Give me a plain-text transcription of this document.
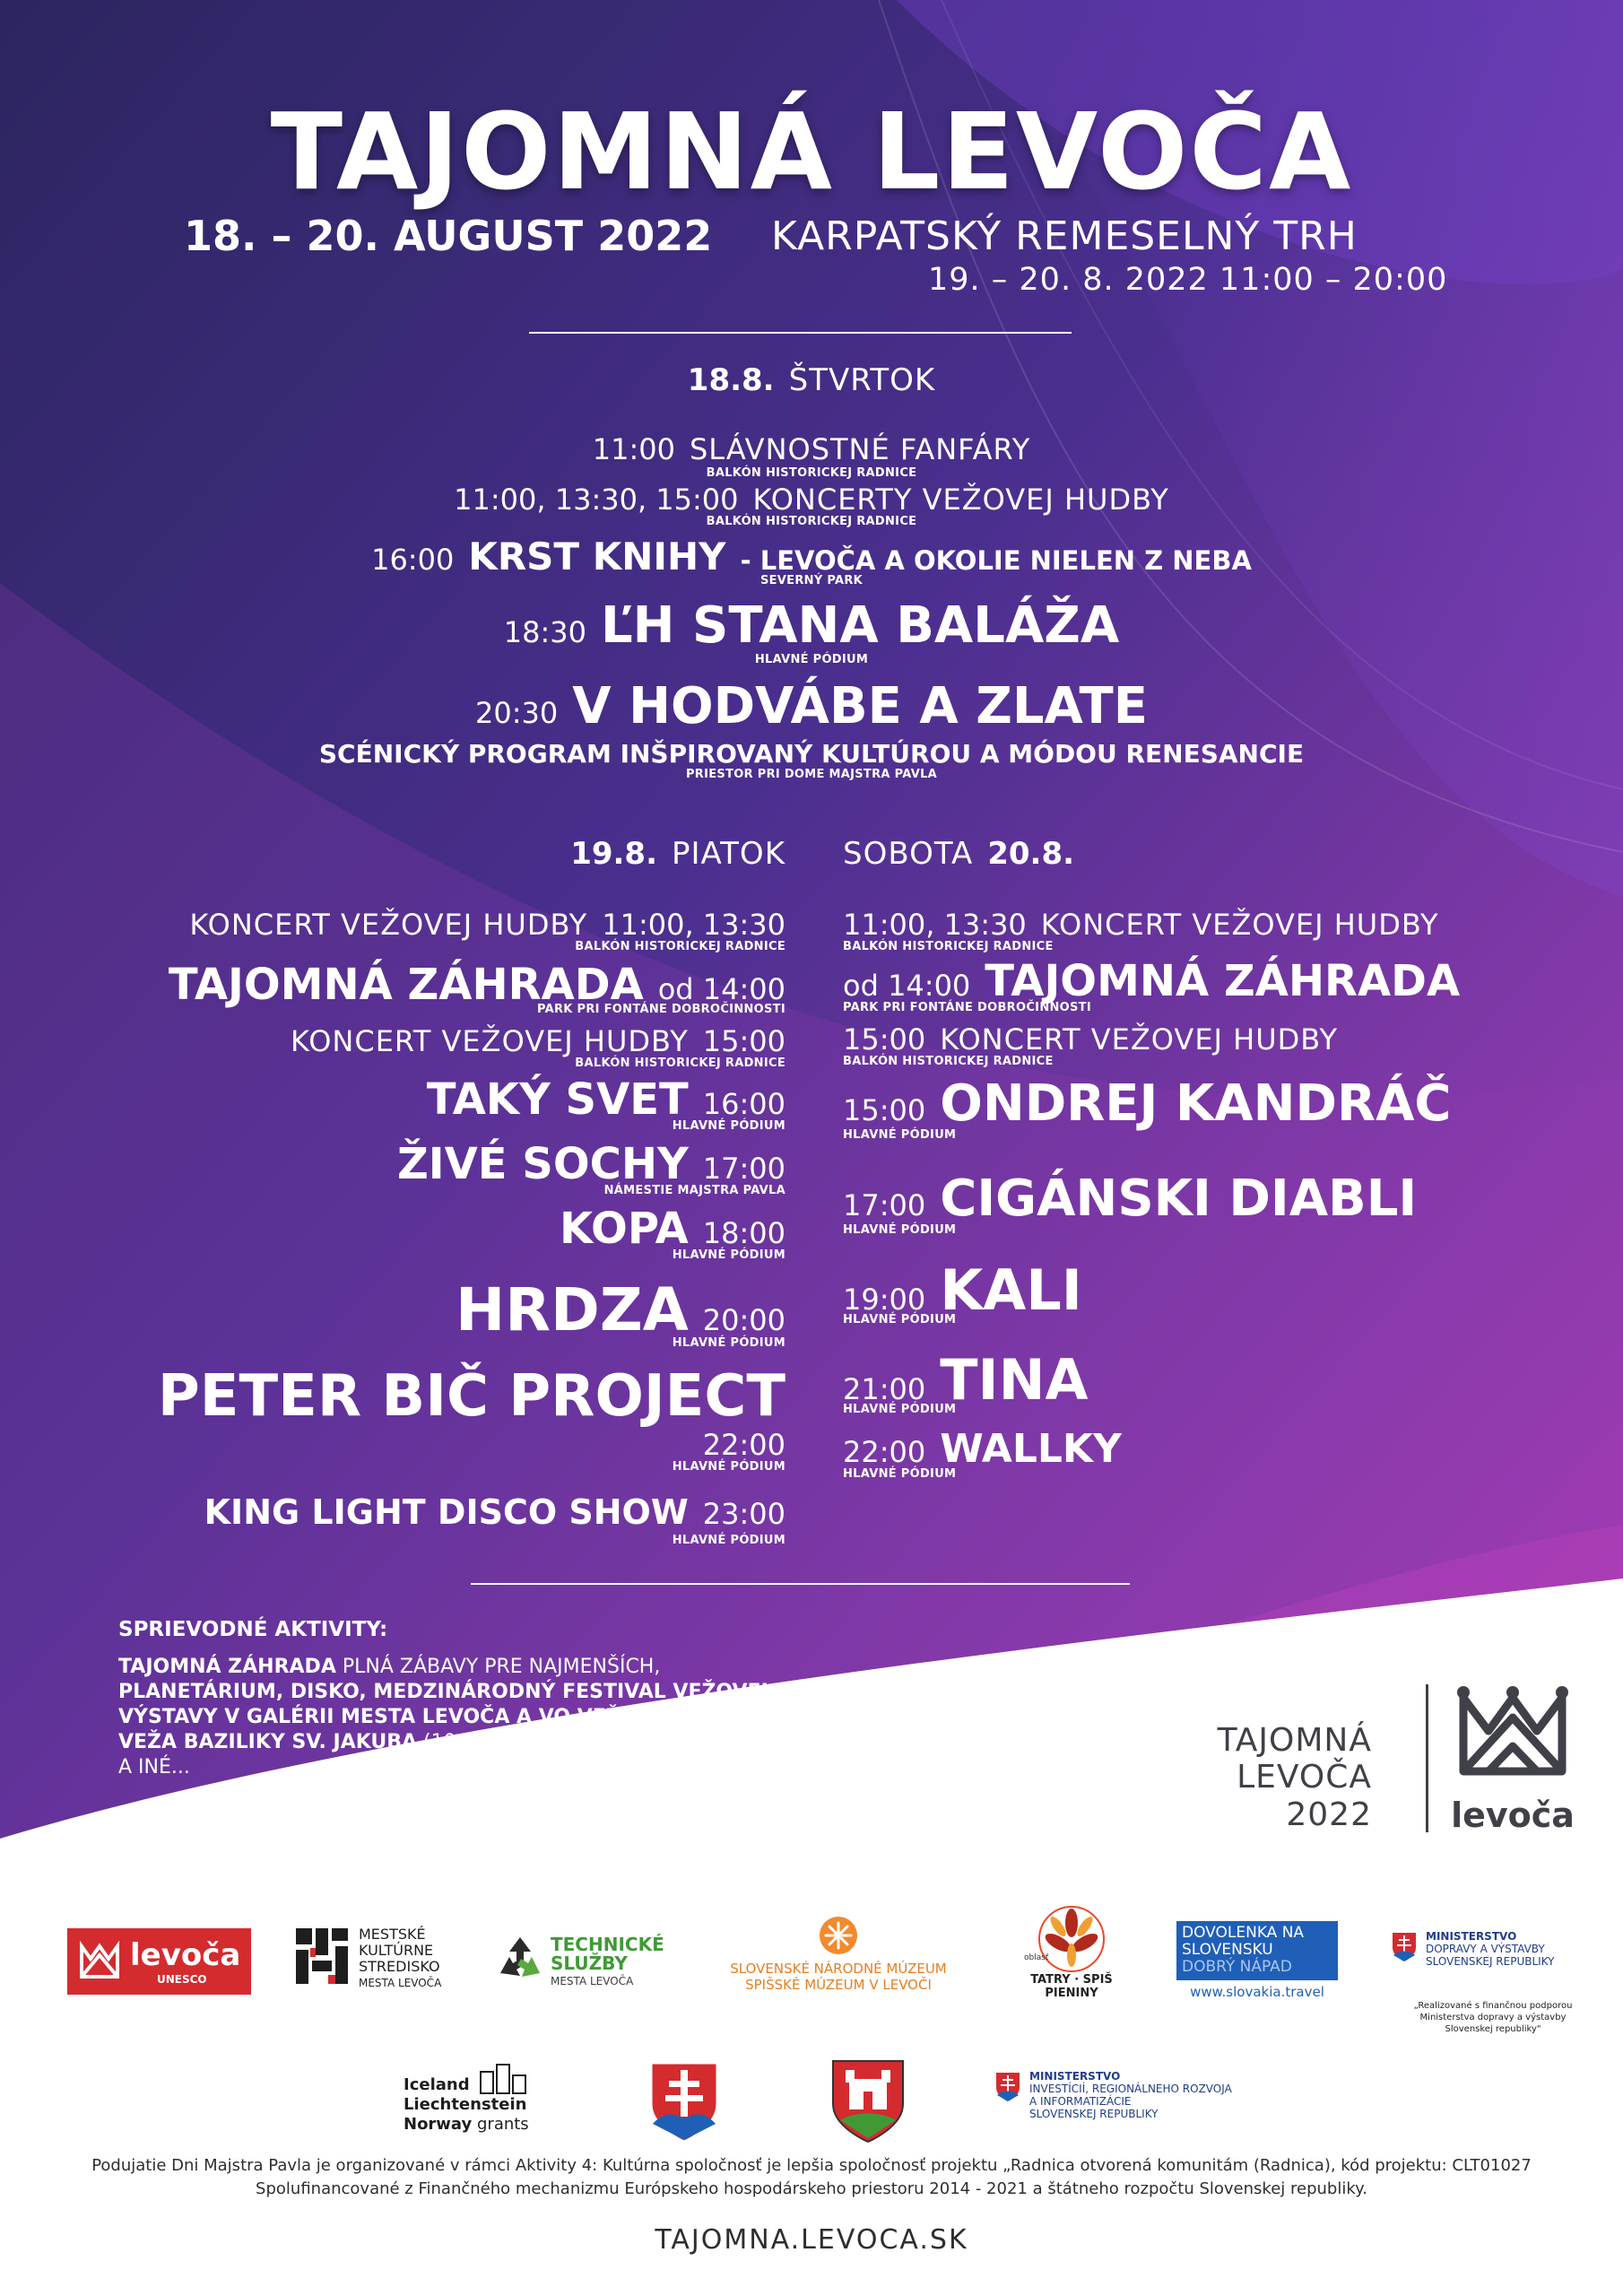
TAJOMNÁ LEVOČA
18. – 20. AUGUST 2022 KARPATSKÝ REMESELNÝ TRH
19. – 20. 8. 2022 11:00 – 20:00
18.8. ŠTVRTOK
11:00 SLÁVNOSTNÉ FANFÁRY
BALKÓN HISTORICKEJ RADNICE
11:00, 13:30, 15:00 KONCERTY VEŽOVEJ HUDBY
BALKÓN HISTORICKEJ RADNICE
16:00 KRST KNIHY - LEVOČA A OKOLIE NIELEN Z NEBA
SEVERNÝ PARK
18:30 ĽH STANA BALÁŽA
HLAVNÉ PÓDIUM
20:30 V HODVÁBE A ZLATE
SCÉNICKÝ PROGRAM INŠPIROVANÝ KULTÚROU A MÓDOU RENESANCIE
PRIESTOR PRI DOME MAJSTRA PAVLA
19.8. PIATOK SOBOTA 20.8.
KONCERT VEŽOVEJ HUDBY 11:00, 13:30
BALKÓN HISTORICKEJ RADNICE
TAJOMNÁ ZÁHRADA od 14:00
PARK PRI FONTÁNE DOBROČINNOSTI
KONCERT VEŽOVEJ HUDBY 15:00
BALKÓN HISTORICKEJ RADNICE
TAKÝ SVET 16:00
HLAVNÉ PÓDIUM
ŽIVÉ SOCHY 17:00
NÁMESTIE MAJSTRA PAVLA
KOPA 18:00
HLAVNÉ PÓDIUM
HRDZA 20:00
HLAVNÉ PÓDIUM
PETER BIČ PROJECT
22:00
HLAVNÉ PÓDIUM
KING LIGHT DISCO SHOW 23:00
HLAVNÉ PÓDIUM
11:00, 13:30 KONCERT VEŽOVEJ HUDBY
BALKÓN HISTORICKEJ RADNICE
od 14:00 TAJOMNÁ ZÁHRADA
PARK PRI FONTÁNE DOBROČINNOSTI
15:00 KONCERT VEŽOVEJ HUDBY
BALKÓN HISTORICKEJ RADNICE
15:00 ONDREJ KANDRÁČ
HLAVNÉ PÓDIUM
17:00 CIGÁNSKI DIABLI
HLAVNÉ PÓDIUM
19:00 KALI
HLAVNÉ PÓDIUM
21:00 TINA
HLAVNÉ PÓDIUM
22:00 WALLKY
HLAVNÉ PÓDIUM
SPRIEVODNÉ AKTIVITY:
TAJOMNÁ ZÁHRADA PLNÁ ZÁBAVY PRE NAJMENŠÍCH,
PLANETÁRIUM, DISKO, MEDZINÁRODNÝ FESTIVAL VEŽOVEJ HUDBY,
VÝSTAVY V GALÉRII MESTA LEVOČA A VO VEŽI BAZILIKY,
VEŽA BAZILIKY SV. JAKUBA (10:00 - 21:00)
A INÉ...
TAJOMNÁ
LEVOČA
2022 levoča
levoča
UNESCO
MESTSKÉ
KULTÚRNE
STREDISKO
MESTA LEVOČA
TECHNICKÉ
SLUŽBY
MESTA LEVOČA
SLOVENSKÉ NÁRODNÉ MÚZEUM
SPIŠSKÉ MÚZEUM V LEVOČI
oblasť
TATRY · SPIŠ
PIENINY
DOVOLENKA NA
SLOVENSKU
DOBRÝ NÁPAD
www.slovakia.travel
MINISTERSTVO
DOPRAVY A VÝSTAVBY
SLOVENSKEJ REPUBLIKY
„Realizované s finančnou podporou
Ministerstva dopravy a výstavby
Slovenskej republiky"
Iceland
Liechtenstein
Norway grants
MINISTERSTVO
INVESTÍCIÍ, REGIONÁLNEHO ROZVOJA
A INFORMATIZÁCIE
SLOVENSKEJ REPUBLIKY
Podujatie Dni Majstra Pavla je organizované v rámci Aktivity 4: Kultúrna spoločnosť je lepšia spoločnosť projektu „Radnica otvorená komunitám (Radnica), kód projektu: CLT01027
Spolufinancované z Finančného mechanizmu Európskeho hospodárskeho priestoru 2014 - 2021 a štátneho rozpočtu Slovenskej republiky.
TAJOMNA.LEVOCA.SK
